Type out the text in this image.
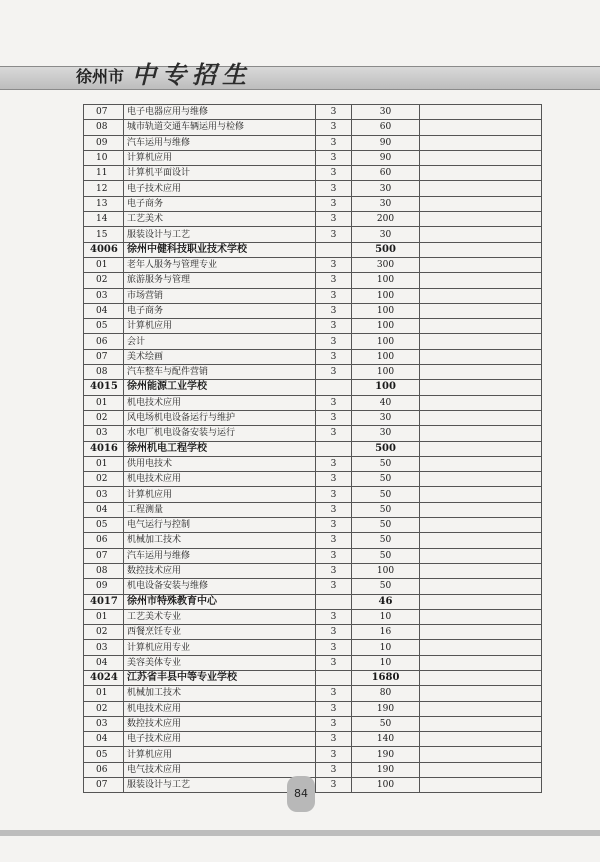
徐州市 中专招生
07	电子电器应用与维修	3	30	
08	城市轨道交通车辆运用与检修	3	60	
09	汽车运用与维修	3	90	
10	计算机应用	3	90	
11	计算机平面设计	3	60	
12	电子技术应用	3	30	
13	电子商务	3	30	
14	工艺美术	3	200	
15	服装设计与工艺	3	30	
4006	徐州中健科技职业技术学校		500	
01	老年人服务与管理专业	3	300	
02	旅游服务与管理	3	100	
03	市场营销	3	100	
04	电子商务	3	100	
05	计算机应用	3	100	
06	会计	3	100	
07	美术绘画	3	100	
08	汽车整车与配件营销	3	100	
4015	徐州能源工业学校		100	
01	机电技术应用	3	40	
02	风电场机电设备运行与维护	3	30	
03	水电厂机电设备安装与运行	3	30	
4016	徐州机电工程学校		500	
01	供用电技术	3	50	
02	机电技术应用	3	50	
03	计算机应用	3	50	
04	工程测量	3	50	
05	电气运行与控制	3	50	
06	机械加工技术	3	50	
07	汽车运用与维修	3	50	
08	数控技术应用	3	100	
09	机电设备安装与维修	3	50	
4017	徐州市特殊教育中心		46	
01	工艺美术专业	3	10	
02	西餐烹饪专业	3	16	
03	计算机应用专业	3	10	
04	美容美体专业	3	10	
4024	江苏省丰县中等专业学校		1680	
01	机械加工技术	3	80	
02	机电技术应用	3	190	
03	数控技术应用	3	50	
04	电子技术应用	3	140	
05	计算机应用	3	190	
06	电气技术应用	3	190	
07	服装设计与工艺	3	100	
84
